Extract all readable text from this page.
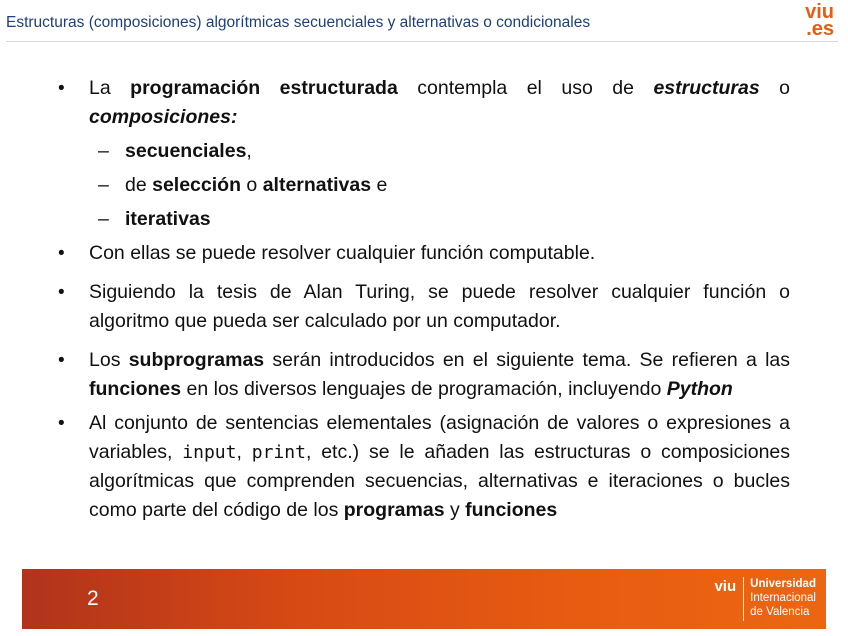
Estructuras (composiciones) algorítmicas secuenciales y alternativas o condicionales	viu
.es
•	La programación estructurada contempla el uso de estructuras o composiciones:
– secuenciales,
– de selección o alternativas e
– iterativas
•	Con ellas se puede resolver cualquier función computable.
•	Siguiendo la tesis de Alan Turing, se puede resolver cualquier función o algoritmo que pueda ser calculado por un computador.
•	Los subprogramas serán introducidos en el siguiente tema. Se refieren a las funciones en los diversos lenguajes de programación, incluyendo Python
•	Al conjunto de sentencias elementales (asignación de valores o expresiones a variables, input, print, etc.) se le añaden las estructuras o composiciones algorítmicas que comprenden secuencias, alternativas e iteraciones o bucles como parte del código de los programas y funciones
2
viu Universidad
Internacional
de Valencia
